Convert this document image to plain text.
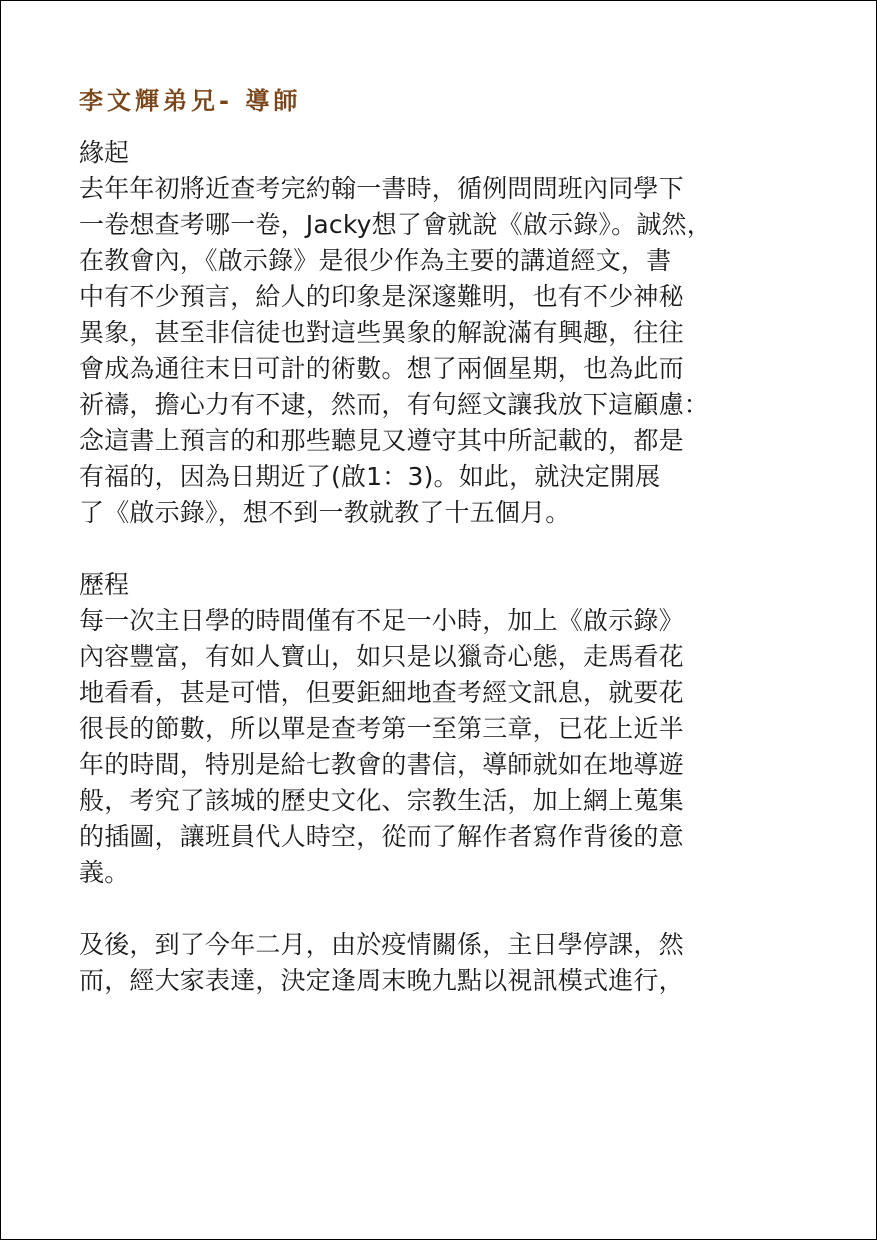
李文輝弟兄- 導師
緣起
去年年初將近查考完約翰一書時，循例問問班內同學下
一卷想查考哪一卷，Jacky想了會就說《啟示錄》。誠然，
在教會內，《啟示錄》是很少作為主要的講道經文，書
中有不少預言，給人的印象是深邃難明，也有不少神秘
異象，甚至非信徒也對這些異象的解說滿有興趣，往往
會成為通往末日可計的術數。想了兩個星期，也為此而
祈禱，擔心力有不逮，然而，有句經文讓我放下這顧慮：
念這書上預言的和那些聽見又遵守其中所記載的，都是
有福的，因為日期近了(啟1：3)。如此，就決定開展
了《啟示錄》，想不到一教就教了十五個月。
歷程
每一次主日學的時間僅有不足一小時，加上《啟示錄》
內容豐富，有如人寶山，如只是以獵奇心態，走馬看花
地看看，甚是可惜，但要鉅細地查考經文訊息，就要花
很長的節數，所以單是查考第一至第三章，已花上近半
年的時間，特別是給七教會的書信，導師就如在地導遊
般，考究了該城的歷史文化、宗教生活，加上網上蒐集
的插圖，讓班員代人時空，從而了解作者寫作背後的意
義。
及後，到了今年二月，由於疫情關係，主日學停課，然
而，經大家表達，決定逢周末晚九點以視訊模式進行，
